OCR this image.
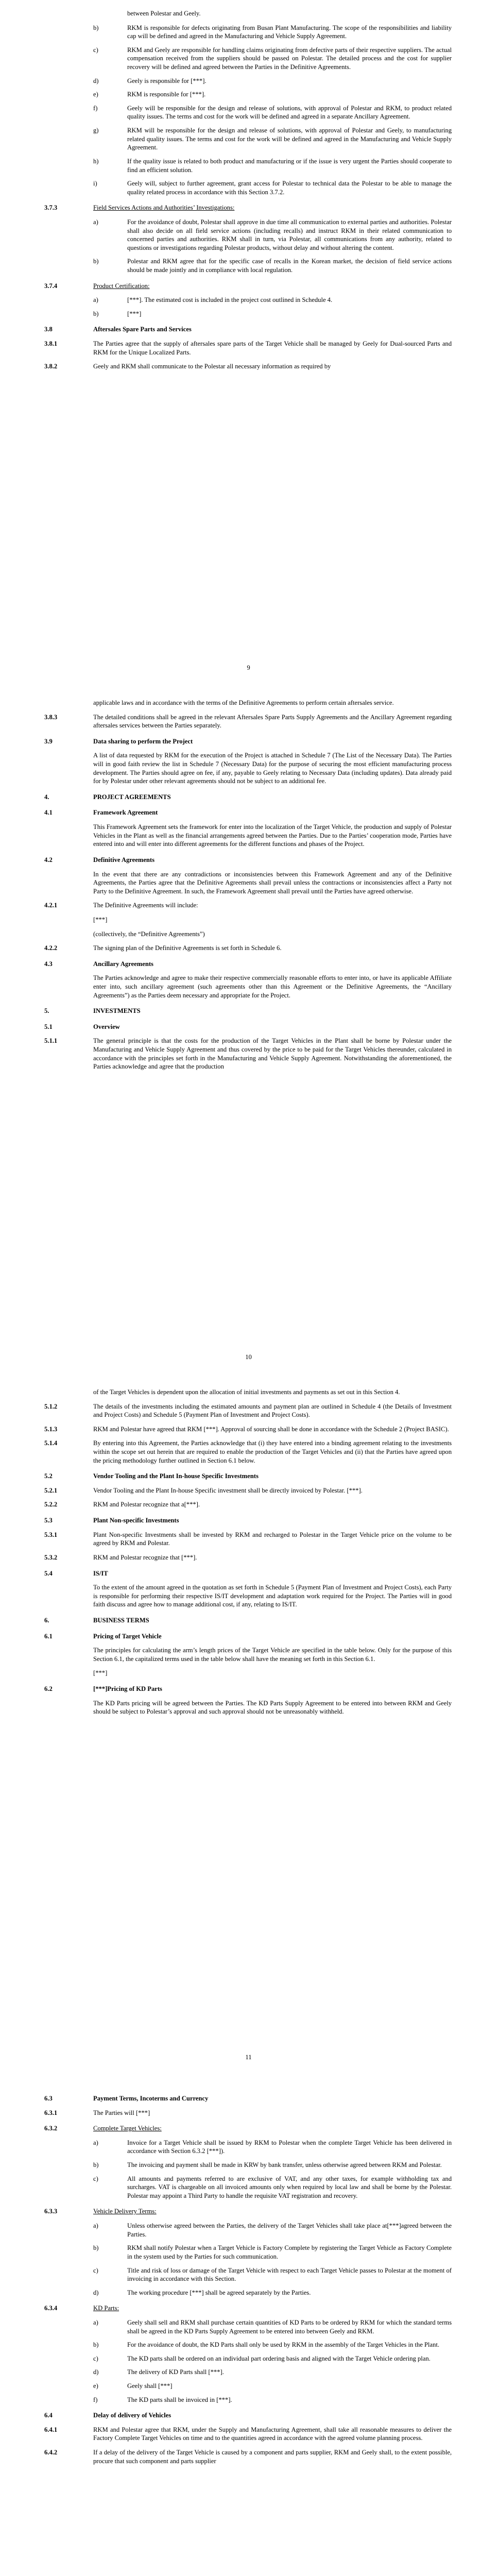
between Polestar and Geely.
b)	RKM is responsible for defects originating from Busan Plant Manufacturing. The scope of the responsibilities and liability cap will be defined and agreed in the Manufacturing and Vehicle Supply Agreement.
c)	RKM and Geely are responsible for handling claims originating from defective parts of their respective suppliers. The actual compensation received from the suppliers should be passed on Polestar. The detailed process and the cost for supplier recovery will be defined and agreed between the Parties in the Definitive Agreements.
d)	Geely is responsible for [***].
e)	RKM is responsible for [***].
f)	Geely will be responsible for the design and release of solutions, with approval of Polestar and RKM, to product related quality issues. The terms and cost for the work will be defined and agreed in a separate Ancillary Agreement.
g)	RKM will be responsible for the design and release of solutions, with approval of Polestar and Geely, to manufacturing related quality issues. The terms and cost for the work will be defined and agreed in the Manufacturing and Vehicle Supply Agreement.
h)	If the quality issue is related to both product and manufacturing or if the issue is very urgent the Parties should cooperate to find an efficient solution.
i)	Geely will, subject to further agreement, grant access for Polestar to technical data the Polestar to be able to manage the quality related process in accordance with this Section 3.7.2.
3.7.3	Field Services Actions and Authorities’ Investigations:
a)	For the avoidance of doubt, Polestar shall approve in due time all communication to external parties and authorities. Polestar shall also decide on all field service actions (including recalls) and instruct RKM in their related communication to concerned parties and authorities. RKM shall in turn, via Polestar, all communications from any authority, related to questions or investigations regarding Polestar products, without delay and without altering the content.
b)	Polestar and RKM agree that for the specific case of recalls in the Korean market, the decision of field service actions should be made jointly and in compliance with local regulation.
3.7.4	Product Certification:
a)	[***]. The estimated cost is included in the project cost outlined in Schedule 4.
b)	[***]
3.8	Aftersales Spare Parts and Services
3.8.1	The Parties agree that the supply of aftersales spare parts of the Target Vehicle shall be managed by Geely for Dual-sourced Parts and RKM for the Unique Localized Parts.
3.8.2	Geely and RKM shall communicate to the Polestar all necessary information as required by
9
applicable laws and in accordance with the terms of the Definitive Agreements to perform certain aftersales service.
3.8.3	The detailed conditions shall be agreed in the relevant Aftersales Spare Parts Supply Agreements and the Ancillary Agreement regarding aftersales services between the Parties separately.
3.9	Data sharing to perform the Project
A list of data requested by RKM for the execution of the Project is attached in Schedule 7 (The List of the Necessary Data). The Parties will in good faith review the list in Schedule 7 (Necessary Data) for the purpose of securing the most efficient manufacturing process development. The Parties should agree on fee, if any, payable to Geely relating to Necessary Data (including updates). Data already paid for by Polestar under other relevant agreements should not be subject to an additional fee.
4.	PROJECT AGREEMENTS
4.1	Framework Agreement
This Framework Agreement sets the framework for enter into the localization of the Target Vehicle, the production and supply of Polestar Vehicles in the Plant as well as the financial arrangements agreed between the Parties. Due to the Parties’ cooperation mode, Parties have entered into and will enter into different agreements for the different functions and phases of the Project.
4.2	Definitive Agreements
In the event that there are any contradictions or inconsistencies between this Framework Agreement and any of the Definitive Agreements, the Parties agree that the Definitive Agreements shall prevail unless the contractions or inconsistencies affect a Party not Party to the Definitive Agreement. In such, the Framework Agreement shall prevail until the Parties have agreed otherwise.
4.2.1	The Definitive Agreements will include:
[***]
(collectively, the “Definitive Agreements”)
4.2.2	The signing plan of the Definitive Agreements is set forth in Schedule 6.
4.3	Ancillary Agreements
The Parties acknowledge and agree to make their respective commercially reasonable efforts to enter into, or have its applicable Affiliate enter into, such ancillary agreement (such agreements other than this Agreement or the Definitive Agreements, the “Ancillary Agreements”) as the Parties deem necessary and appropriate for the Project.
5.	INVESTMENTS
5.1	Overview
5.1.1	The general principle is that the costs for the production of the Target Vehicles in the Plant shall be borne by Polestar under the Manufacturing and Vehicle Supply Agreement and thus covered by the price to be paid for the Target Vehicles thereunder, calculated in accordance with the principles set forth in the Manufacturing and Vehicle Supply Agreement. Notwithstanding the aforementioned, the Parties acknowledge and agree that the production
10
of the Target Vehicles is dependent upon the allocation of initial investments and payments as set out in this Section 4.
5.1.2	The details of the investments including the estimated amounts and payment plan are outlined in Schedule 4 (the Details of Investment and Project Costs) and Schedule 5 (Payment Plan of Investment and Project Costs).
5.1.3	RKM and Polestar have agreed that RKM [***]. Approval of sourcing shall be done in accordance with the Schedule 2 (Project BASIC).
5.1.4	By entering into this Agreement, the Parties acknowledge that (i) they have entered into a binding agreement relating to the investments within the scope set out herein that are required to enable the production of the Target Vehicles and (ii) that the Parties have agreed upon the pricing methodology further outlined in Section 6.1 below.
5.2	Vendor Tooling and the Plant In-house Specific Investments
5.2.1	Vendor Tooling and the Plant In-house Specific investment shall be directly invoiced by Polestar. [***].
5.2.2	RKM and Polestar recognize that a[***].
5.3	Plant Non-specific Investments
5.3.1	Plant Non-specific Investments shall be invested by RKM and recharged to Polestar in the Target Vehicle price on the volume to be agreed by RKM and Polestar.
5.3.2	RKM and Polestar recognize that [***].
5.4	IS/IT
To the extent of the amount agreed in the quotation as set forth in Schedule 5 (Payment Plan of Investment and Project Costs), each Party is responsible for performing their respective IS/IT development and adaptation work required for the Project. The Parties will in good faith discuss and agree how to manage additional cost, if any, relating to IS/IT.
6.	BUSINESS TERMS
6.1	Pricing of Target Vehicle
The principles for calculating the arm’s length prices of the Target Vehicle are specified in the table below. Only for the purpose of this Section 6.1, the capitalized terms used in the table below shall have the meaning set forth in this Section 6.1.
[***]
6.2	[***]Pricing of KD Parts
The KD Parts pricing will be agreed between the Parties. The KD Parts Supply Agreement to be entered into between RKM and Geely should be subject to Polestar’s approval and such approval should not be unreasonably withheld.
11
6.3	Payment Terms, Incoterms and Currency
6.3.1	The Parties will [***]
6.3.2	Complete Target Vehicles:
a)	Invoice for a Target Vehicle shall be issued by RKM to Polestar when the complete Target Vehicle has been delivered in accordance with Section 6.3.2 [***]).
b)	The invoicing and payment shall be made in KRW by bank transfer, unless otherwise agreed between RKM and Polestar.
c)	All amounts and payments referred to are exclusive of VAT, and any other taxes, for example withholding tax and surcharges. VAT is chargeable on all invoiced amounts only when required by local law and shall be borne by the Polestar. Polestar may appoint a Third Party to handle the requisite VAT registration and recovery.
6.3.3	Vehicle Delivery Terms:
a)	Unless otherwise agreed between the Parties, the delivery of the Target Vehicles shall take place at[***]agreed between the Parties.
b)	RKM shall notify Polestar when a Target Vehicle is Factory Complete by registering the Target Vehicle as Factory Complete in the system used by the Parties for such communication.
c)	Title and risk of loss or damage of the Target Vehicle with respect to each Target Vehicle passes to Polestar at the moment of invoicing in accordance with this Section.
d)	The working procedure [***] shall be agreed separately by the Parties.
6.3.4	KD Parts:
a)	Geely shall sell and RKM shall purchase certain quantities of KD Parts to be ordered by RKM for which the standard terms shall be agreed in the KD Parts Supply Agreement to be entered into between Geely and RKM.
b)	For the avoidance of doubt, the KD Parts shall only be used by RKM in the assembly of the Target Vehicles in the Plant.
c)	The KD parts shall be ordered on an individual part ordering basis and aligned with the Target Vehicle ordering plan.
d)	The delivery of KD Parts shall [***].
e)	Geely shall [***]
f)	The KD parts shall be invoiced in [***].
6.4	Delay of delivery of Vehicles
6.4.1	RKM and Polestar agree that RKM, under the Supply and Manufacturing Agreement, shall take all reasonable measures to deliver the Factory Complete Target Vehicles on time and to the quantities agreed in accordance with the agreed volume planning process.
6.4.2	If a delay of the delivery of the Target Vehicle is caused by a component and parts supplier, RKM and Geely shall, to the extent possible, procure that such component and parts supplier
